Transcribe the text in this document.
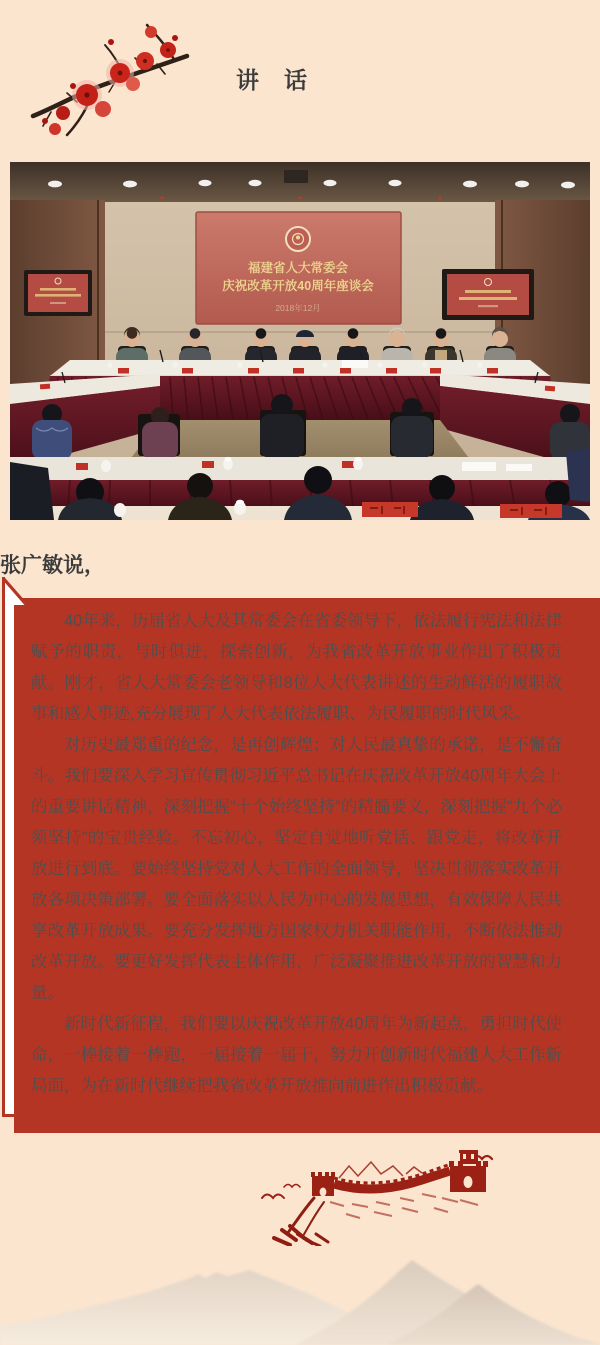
讲　话
福建省人大常委会
庆祝改革开放40周年座谈会
2018年12月
张广敏说，

40年来，历届省人大及其常委会在省委领导下，依法履行宪法和法律赋予的职责，与时俱进，探索创新，为我省改革开放事业作出了积极贡献。刚才，省人大常委会老领导和8位人大代表讲述的生动鲜活的履职故事和感人事迹,充分展现了人大代表依法履职、为民履职的时代风采。

对历史最郑重的纪念，是再创辉煌；对人民最真挚的承诺，是不懈奋斗。我们要深入学习宣传贯彻习近平总书记在庆祝改革开放40周年大会上的重要讲话精神，深刻把握“十个始终坚持”的精髓要义，深刻把握“九个必须坚持”的宝贵经验。不忘初心，坚定自觉地听党话、跟党走，将改革开放进行到底。要始终坚持党对人大工作的全面领导，坚决贯彻落实改革开放各项决策部署。要全面落实以人民为中心的发展思想，有效保障人民共享改革开放成果。要充分发挥地方国家权力机关职能作用，不断依法推动改革开放。要更好发挥代表主体作用，广泛凝聚推进改革开放的智慧和力量。

新时代新征程，我们要以庆祝改革开放40周年为新起点，勇担时代使命，一棒接着一棒跑，一届接着一届干，努力开创新时代福建人大工作新局面，为在新时代继续把我省改革开放推向前进作出积极贡献。
